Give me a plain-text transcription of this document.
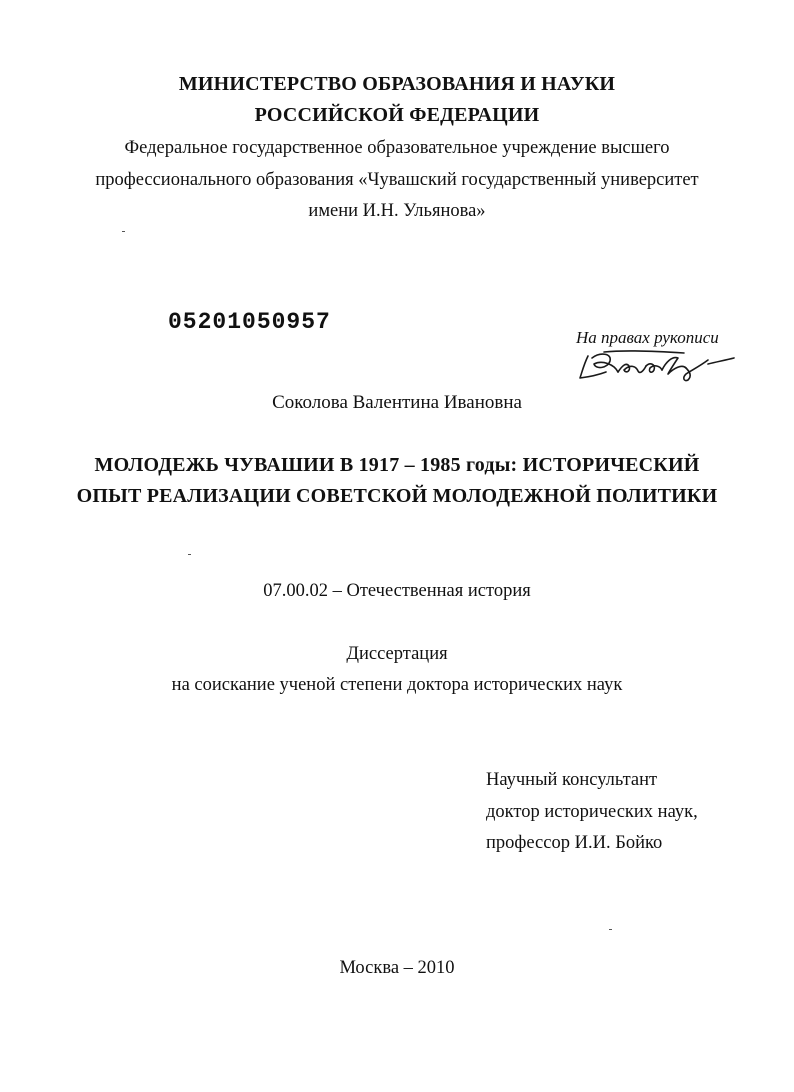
МИНИСТЕРСТВО ОБРАЗОВАНИЯ И НАУКИ
РОССИЙСКОЙ ФЕДЕРАЦИИ
Федеральное государственное образовательное учреждение высшего
профессионального образования «Чувашский государственный университет
имени И.Н. Ульянова»
05201050957
На правах рукописи
Соколова Валентина Ивановна
МОЛОДЕЖЬ ЧУВАШИИ В 1917 – 1985 годы: ИСТОРИЧЕСКИЙ
ОПЫТ РЕАЛИЗАЦИИ СОВЕТСКОЙ МОЛОДЕЖНОЙ ПОЛИТИКИ
07.00.02 – Отечественная история
Диссертация
на соискание ученой степени доктора исторических наук
Научный консультант
доктор исторических наук,
профессор И.И. Бойко
Москва – 2010
